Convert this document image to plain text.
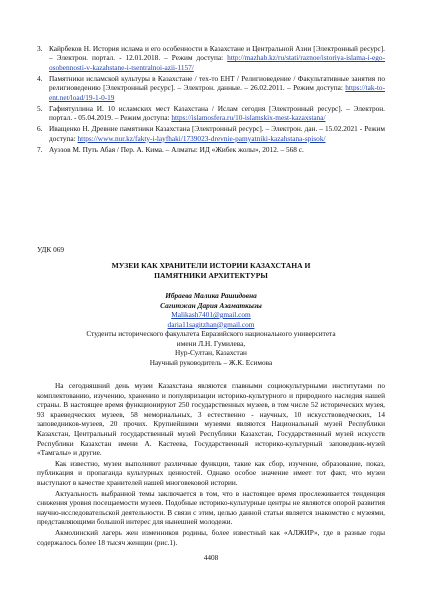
3. Кайрбеков Н. История ислама и его особенности в Казахстане и Центральной Азии [Электронный ресурс]. – Электрон. портал. - 12.01.2018. – Режим доступа: http://mazhab.kz/ru/stati/raznoe/istoriya-islama-i-ego-osobennosti-v-kazahstane-i-tsentralnoi-azii-1157/
4. Памятники исламской культуры в Казахстане / тех-то ЕНТ / Религиоведение / Факультативные занятия по религиоведению [Электронный ресурс]. – Электрон. данные. – 26.02.2011. – Режим доступа: https://tak-to-ent.net/load/19-1-0-19
5. Гафиятуллина И. 10 исламских мест Казахстана / Ислам сегодня [Электронный ресурс]. – Электрон. портал. - 05.04.2019. – Режим доступа: https://islamosfera.ru/10-islamskix-mest-kazaxstana/
6. Иващенко Н. Древние памятники Казахстана [Электронный ресурс]. – Электрон. дан. – 15.02.2021 - Режим доступа: https://www.nur.kz/fakty-i-layfhaki/1739023-drevnie-pamyatniki-kazahstana-spisok/
7. Ауэзов М. Путь Абая / Пер. А. Кима. – Алматы: ИД «Жибек жолы», 2012. – 568 с.
УДК 069
МУЗЕИ КАК ХРАНИТЕЛИ ИСТОРИИ КАЗАХСТАНА И
ПАМЯТНИКИ АРХИТЕКТУРЫ
Ибраева Малика Рашидовна
Сагитжан Дария Азаматкызы
Malikash7401@gmail.com
daria11sagitzhan@gmail.com
Студенты исторического факультета Евразийского национального университета
имени Л.Н. Гумилева,
Нур-Султан, Казахстан
Научный руководитель – Ж.К. Есимова

На сегодняшний день музеи Казахстана являются главными социокультурными институтами по комплектованию, изучению, хранению и популяризации историко-культурного и природного наследия нашей страны. В настоящее время функционируют 250 государственных музеев, в том числе 52 исторических музея, 93 краеведческих музеев, 58 мемориальных, 3 естественно - научных, 10 искусствоведческих, 14 заповедников-музеев, 20 прочих. Крупнейшими музеями являются Национальный музей Республики Казахстан, Центральный государственный музей Республики Казахстан, Государственный музей искусств Республики Казахстан имени А. Кастеева, Государственный историко-культурный заповедник-музей «Тамгалы» и другие.

Как известно, музеи выполняют различные функции, такие как сбор, изучение, образование, показ, публикация и пропаганда культурных ценностей. Однако особое значение имеет тот факт, что музеи выступают в качестве хранителей нашей многовековой истории.

Актуальность выбранной темы заключается в том, что в настоящее время прослеживается тенденция снижения уровня посещаемости музеев. Подобные историко-культурные центры не являются опорой развития научно-исследовательской деятельности. В связи с этим, целью данной статьи является знакомство с музеями, представляющими большой интерес для нынешней молодежи.

Акмолинский лагерь жен изменников родины, более известный как «АЛЖИР», где в разные годы содержалось более 18 тысяч женщин (рис.1).

4408
